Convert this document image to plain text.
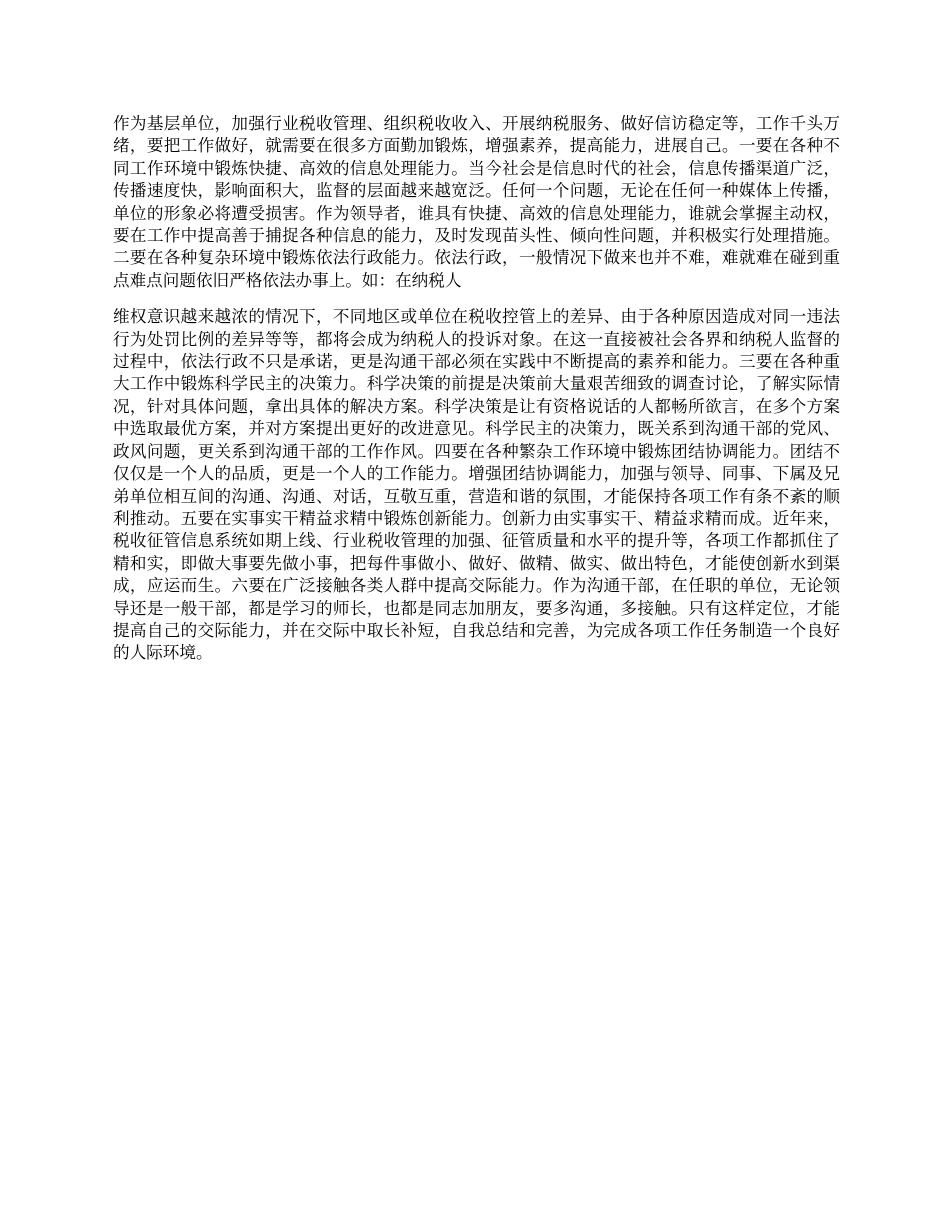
作为基层单位，加强行业税收管理、组织税收收入、开展纳税服务、做好信访稳定等，工作千头万绪，要把工作做好，就需要在很多方面勤加锻炼，增强素养，提高能力，进展自己。一要在各种不同工作环境中锻炼快捷、高效的信息处理能力。当今社会是信息时代的社会，信息传播渠道广泛，传播速度快，影响面积大，监督的层面越来越宽泛。任何一个问题，无论在任何一种媒体上传播，单位的形象必将遭受损害。作为领导者，谁具有快捷、高效的信息处理能力，谁就会掌握主动权，要在工作中提高善于捕捉各种信息的能力，及时发现苗头性、倾向性问题，并积极实行处理措施。二要在各种复杂环境中锻炼依法行政能力。依法行政，一般情况下做来也并不难，难就难在碰到重点难点问题依旧严格依法办事上。如：在纳税人

维权意识越来越浓的情况下，不同地区或单位在税收控管上的差异、由于各种原因造成对同一违法行为处罚比例的差异等等，都将会成为纳税人的投诉对象。在这一直接被社会各界和纳税人监督的过程中，依法行政不只是承诺，更是沟通干部必须在实践中不断提高的素养和能力。三要在各种重大工作中锻炼科学民主的决策力。科学决策的前提是决策前大量艰苦细致的调查讨论，了解实际情况，针对具体问题，拿出具体的解决方案。科学决策是让有资格说话的人都畅所欲言，在多个方案中选取最优方案，并对方案提出更好的改进意见。科学民主的决策力，既关系到沟通干部的党风、政风问题，更关系到沟通干部的工作作风。四要在各种繁杂工作环境中锻炼团结协调能力。团结不仅仅是一个人的品质，更是一个人的工作能力。增强团结协调能力，加强与领导、同事、下属及兄弟单位相互间的沟通、沟通、对话，互敬互重，营造和谐的氛围，才能保持各项工作有条不紊的顺利推动。五要在实事实干精益求精中锻炼创新能力。创新力由实事实干、精益求精而成。近年来，税收征管信息系统如期上线、行业税收管理的加强、征管质量和水平的提升等，各项工作都抓住了精和实，即做大事要先做小事，把每件事做小、做好、做精、做实、做出特色，才能使创新水到渠成，应运而生。六要在广泛接触各类人群中提高交际能力。作为沟通干部，在任职的单位，无论领导还是一般干部，都是学习的师长，也都是同志加朋友，要多沟通，多接触。只有这样定位，才能提高自己的交际能力，并在交际中取长补短，自我总结和完善，为完成各项工作任务制造一个良好的人际环境。
